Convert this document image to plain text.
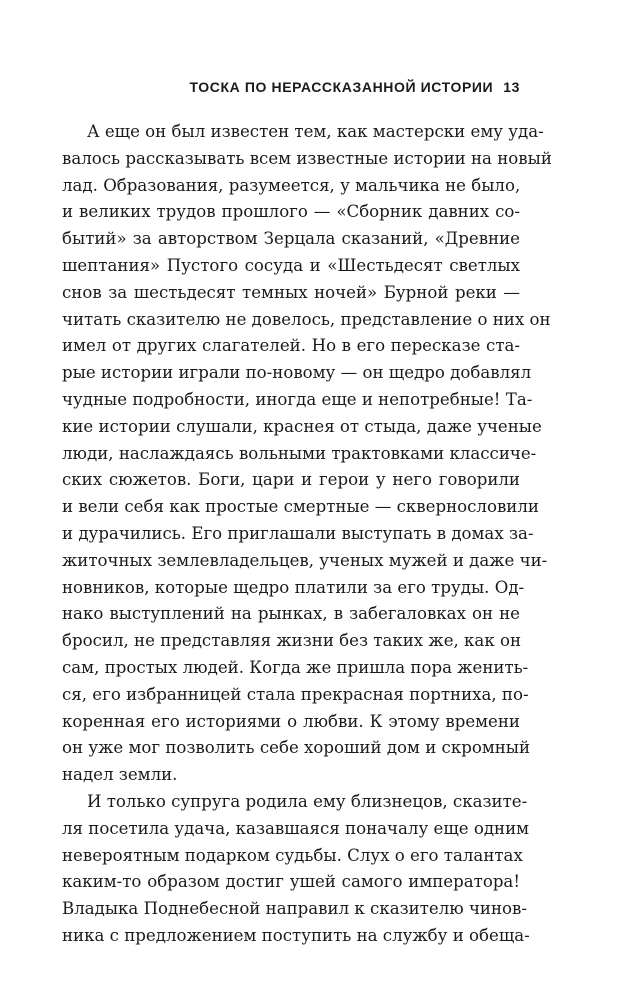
ТОСКА ПО НЕРАССКАЗАННОЙ ИСТОРИИ 13
А еще он был известен тем, как мастерски ему уда-
валось рассказывать всем известные истории на новый
лад. Образования, разумеется, у мальчика не было,
и великих трудов прошлого — «Сборник давних со-
бытий» за авторством Зерцала сказаний, «Древние
шептания» Пустого сосуда и «Шестьдесят светлых
снов за шестьдесят темных ночей» Бурной реки —
читать сказителю не довелось, представление о них он
имел от других слагателей. Но в его пересказе ста-
рые истории играли по-новому — он щедро добавлял
чудные подробности, иногда еще и непотребные! Та-
кие истории слушали, краснея от стыда, даже ученые
люди, наслаждаясь вольными трактовками классиче-
ских сюжетов. Боги, цари и герои у него говорили
и вели себя как простые смертные — сквернословили
и дурачились. Его приглашали выступать в домах за-
житочных землевладельцев, ученых мужей и даже чи-
новников, которые щедро платили за его труды. Од-
нако выступлений на рынках, в забегаловках он не
бросил, не представляя жизни без таких же, как он
сам, простых людей. Когда же пришла пора женить-
ся, его избранницей стала прекрасная портниха, по-
коренная его историями о любви. К этому времени
он уже мог позволить себе хороший дом и скромный
надел земли.
И только супруга родила ему близнецов, сказите-
ля посетила удача, казавшаяся поначалу еще одним
невероятным подарком судьбы. Слух о его талантах
каким-то образом достиг ушей самого императора!
Владыка Поднебесной направил к сказителю чинов-
ника с предложением поступить на службу и обеща-
